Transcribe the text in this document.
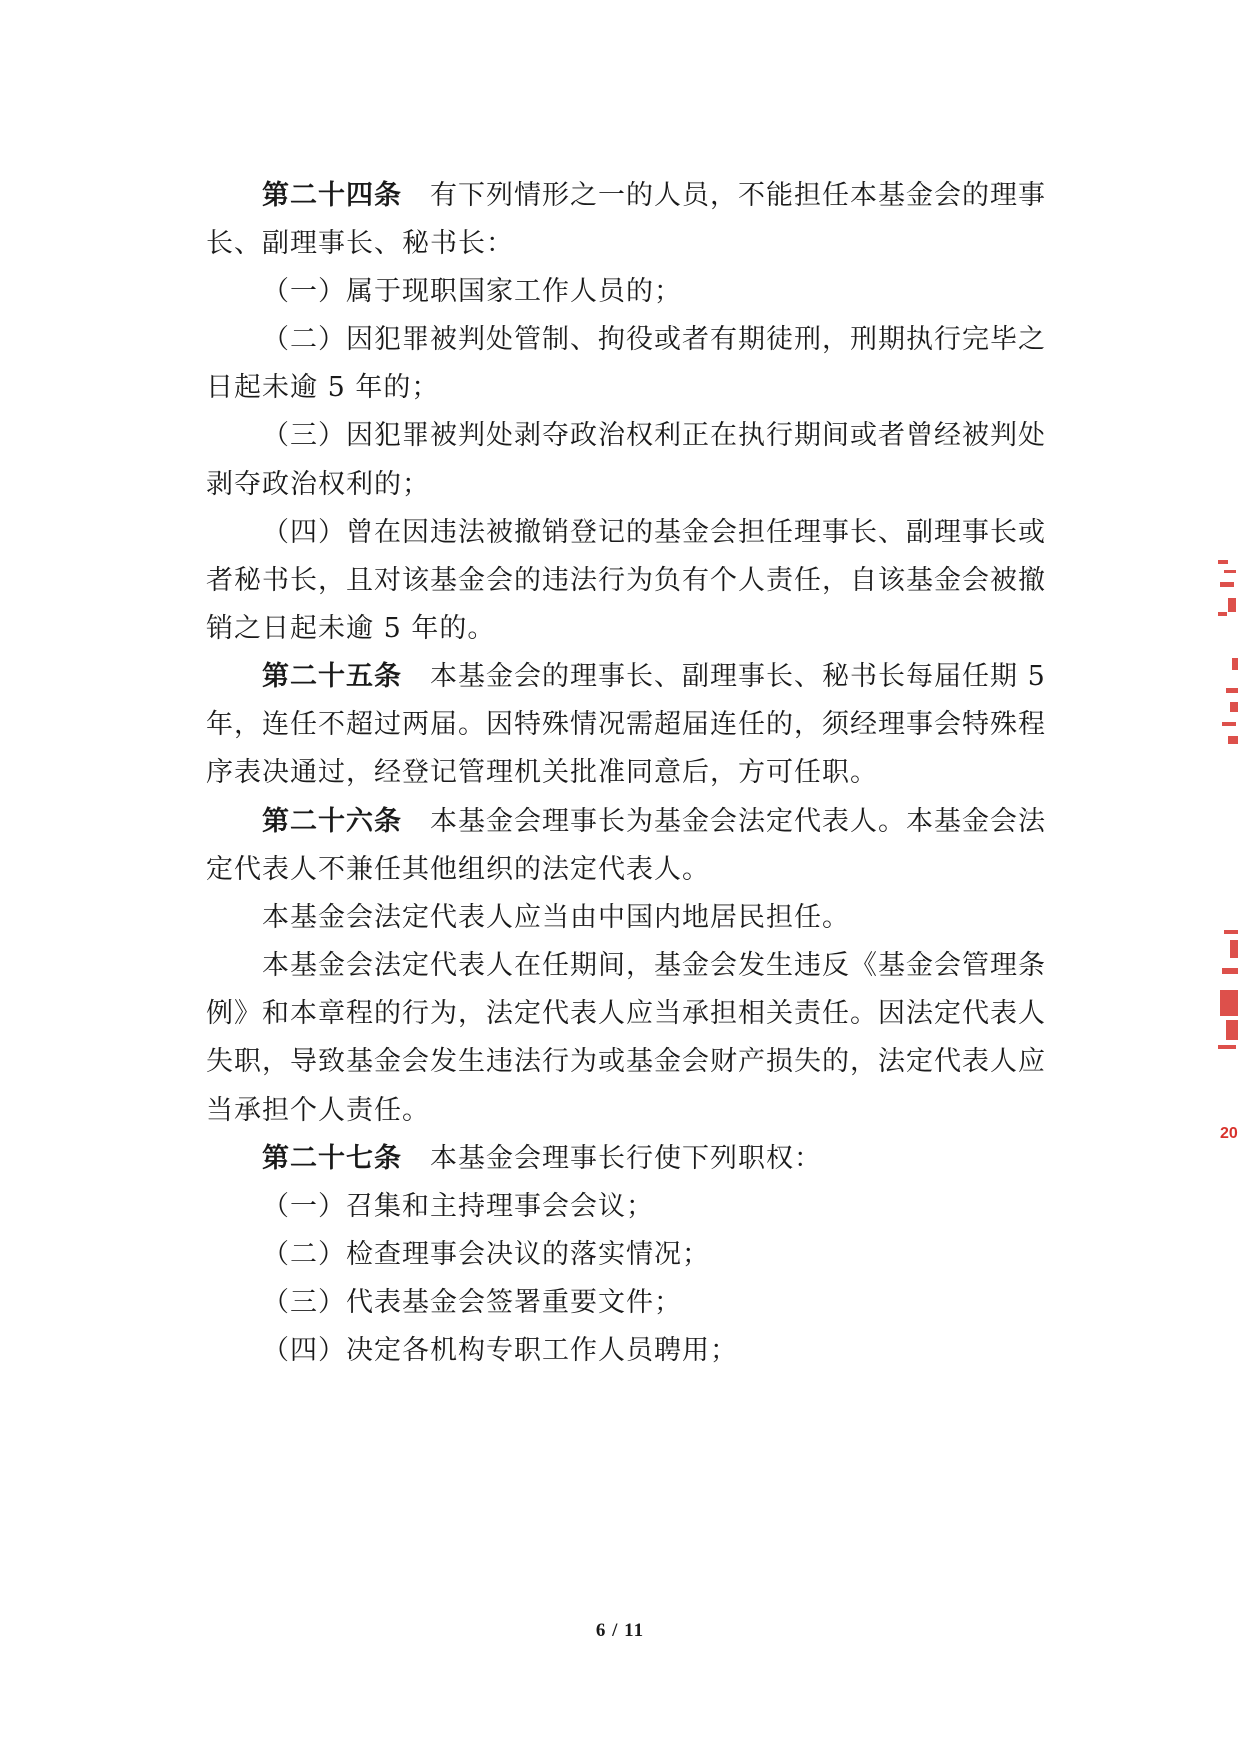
第二十四条 有下列情形之一的人员，不能担任本基金会的理事
长、副理事长、秘书长：
（一）属于现职国家工作人员的；
（二）因犯罪被判处管制、拘役或者有期徒刑，刑期执行完毕之
日起未逾 5 年的；
（三）因犯罪被判处剥夺政治权利正在执行期间或者曾经被判处
剥夺政治权利的；
（四）曾在因违法被撤销登记的基金会担任理事长、副理事长或
者秘书长，且对该基金会的违法行为负有个人责任，自该基金会被撤
销之日起未逾 5 年的。
第二十五条 本基金会的理事长、副理事长、秘书长每届任期 5
年，连任不超过两届。因特殊情况需超届连任的，须经理事会特殊程
序表决通过，经登记管理机关批准同意后，方可任职。
第二十六条 本基金会理事长为基金会法定代表人。本基金会法
定代表人不兼任其他组织的法定代表人。
本基金会法定代表人应当由中国内地居民担任。
本基金会法定代表人在任期间，基金会发生违反《基金会管理条
例》和本章程的行为，法定代表人应当承担相关责任。因法定代表人
失职，导致基金会发生违法行为或基金会财产损失的，法定代表人应
当承担个人责任。
第二十七条 本基金会理事长行使下列职权：
（一）召集和主持理事会会议；
（二）检查理事会决议的落实情况；
（三）代表基金会签署重要文件；
（四）决定各机构专职工作人员聘用；
6 / 11
20
